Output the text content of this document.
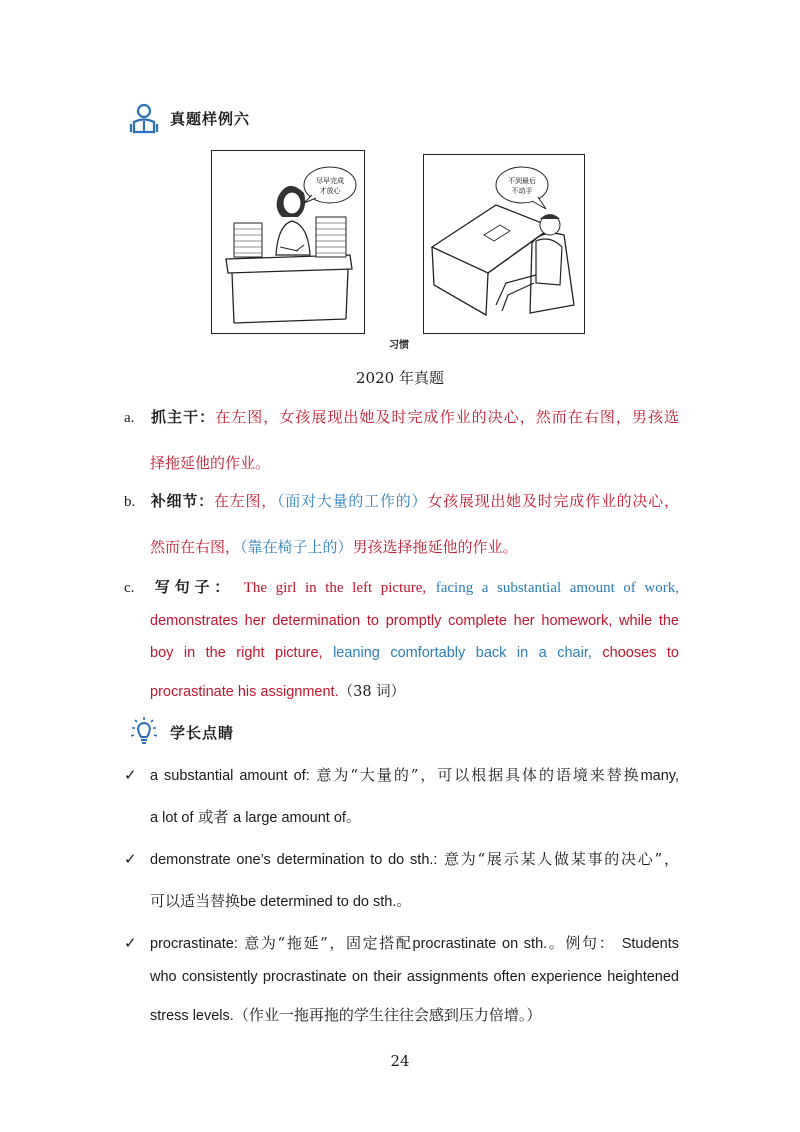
真题样例六
尽早完成
才放心
不到最后
不动手
习惯
2020 年真题
a. 抓主干：在左图，女孩展现出她及时完成作业的决心，然而在右图，男孩选
择拖延他的作业。
b. 补细节：在左图，（面对大量的工作的）女孩展现出她及时完成作业的决心，
然而在右图，（靠在椅子上的）男孩选择拖延他的作业。
c. 写句子： The girl in the left picture, facing a substantial amount of work,
demonstrates her determination to promptly complete her homework, while the
boy in the right picture, leaning comfortably back in a chair, chooses to
procrastinate his assignment.（38 词）
学长点睛
✓ a substantial amount of: 意为“大量的”，可以根据具体的语境来替换many,
a lot of 或者 a large amount of。
✓ demonstrate one’s determination to do sth.: 意为“展示某人做某事的决心”，
可以适当替换be determined to do sth.。
✓ procrastinate: 意为“拖延”，固定搭配procrastinate on sth.。例句： Students
who consistently procrastinate on their assignments often experience heightened
stress levels.（作业一拖再拖的学生往往会感到压力倍增。）
24
